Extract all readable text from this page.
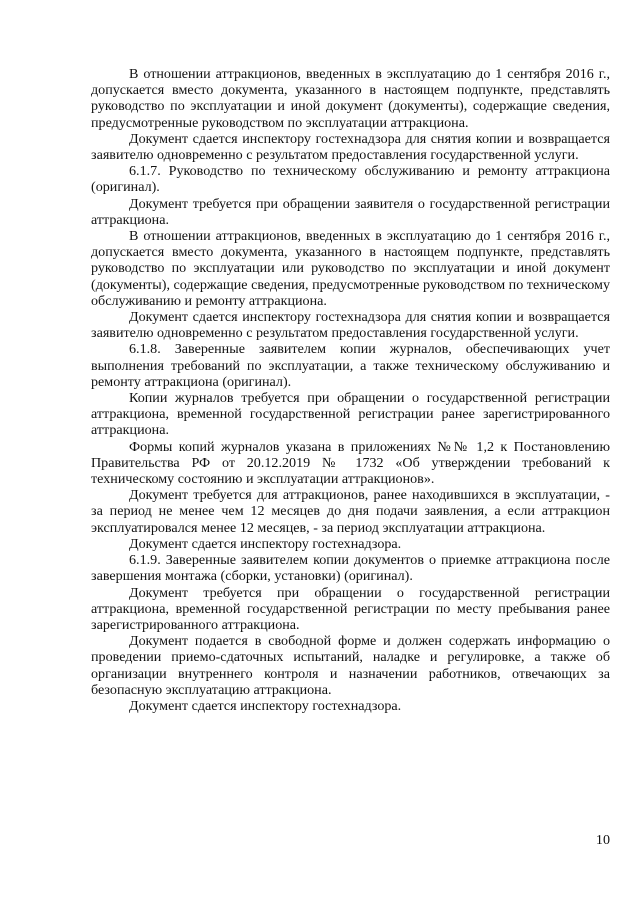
В отношении аттракционов, введенных в эксплуатацию до 1 сентября 2016 г., допускается вместо документа, указанного в настоящем подпункте, представлять руководство по эксплуатации и иной документ (документы), содержащие сведения, предусмотренные руководством по эксплуатации аттракциона.

Документ сдается инспектору гостехнадзора для снятия копии и возвращается заявителю одновременно с результатом предоставления государственной услуги.

6.1.7. Руководство по техническому обслуживанию и ремонту аттракциона (оригинал).

Документ требуется при обращении заявителя о государственной регистрации аттракциона.

В отношении аттракционов, введенных в эксплуатацию до 1 сентября 2016 г., допускается вместо документа, указанного в настоящем подпункте, представлять руководство по эксплуатации или руководство по эксплуатации и иной документ (документы), содержащие сведения, предусмотренные руководством по техническому обслуживанию и ремонту аттракциона.

Документ сдается инспектору гостехнадзора для снятия копии и возвращается заявителю одновременно с результатом предоставления государственной услуги.

6.1.8. Заверенные заявителем копии журналов, обеспечивающих учет выполнения требований по эксплуатации, а также техническому обслуживанию и ремонту аттракциона (оригинал).

Копии журналов требуется при обращении о государственной регистрации аттракциона, временной государственной регистрации ранее зарегистрированного аттракциона.

Формы копий журналов указана в приложениях №№ 1,2 к Постановлению Правительства РФ от 20.12.2019 № 1732 «Об утверждении требований к техническому состоянию и эксплуатации аттракционов».

Документ требуется для аттракционов, ранее находившихся в эксплуатации, - за период не менее чем 12 месяцев до дня подачи заявления, а если аттракцион эксплуатировался менее 12 месяцев, - за период эксплуатации аттракциона.

Документ сдается инспектору гостехнадзора.

6.1.9. Заверенные заявителем копии документов о приемке аттракциона после завершения монтажа (сборки, установки) (оригинал).

Документ требуется при обращении о государственной регистрации аттракциона, временной государственной регистрации по месту пребывания ранее зарегистрированного аттракциона.

Документ подается в свободной форме и должен содержать информацию о проведении приемо-сдаточных испытаний, наладке и регулировке, а также об организации внутреннего контроля и назначении работников, отвечающих за безопасную эксплуатацию аттракциона.

Документ сдается инспектору гостехнадзора.

10
